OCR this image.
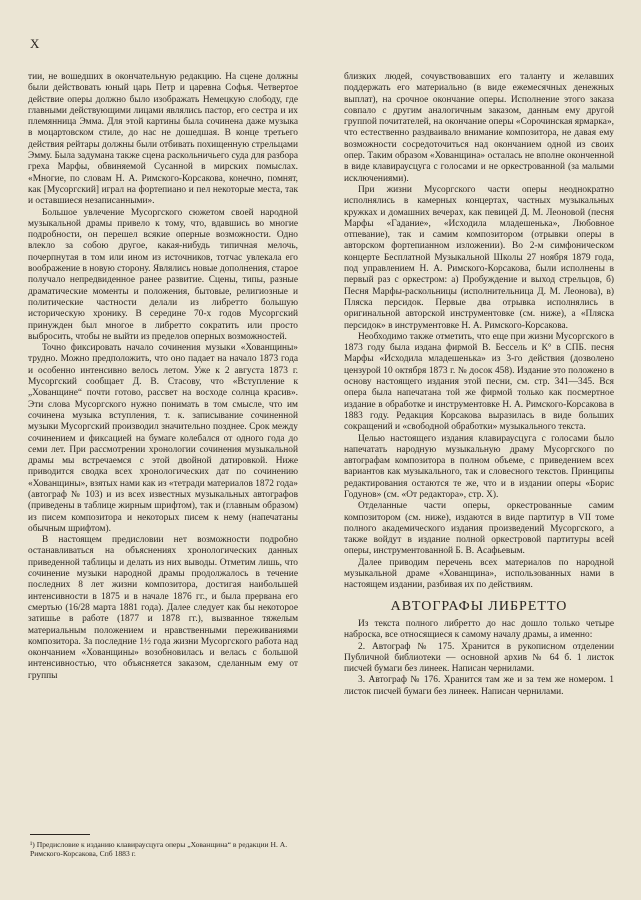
X

тии, не вошедших в окончательную редакцию. На сцене должны были действовать юный царь Петр и царевна Софья. Четвертое действие оперы должно было изображать Немецкую слободу, где главными действующими лицами являлись пастор, его сестра и их племянница Эмма. Для этой картины была сочинена даже музыка в моцартовском стиле, до нас не дошедшая. В конце третьего действия рейтары должны были отбивать похищенную стрельцами Эмму. Была задумана также сцена раскольничьего суда для разбора греха Марфы, обвиняемой Сусанной в мирских помыслах. «Многие, по словам Н. А. Римского-Корсакова, конечно, помнят, как [Мусоргский] играл на фортепиано и пел некоторые места, так и оставшиеся незаписанными».

Большое увлечение Мусоргского сюжетом своей народной музыкальной драмы привело к тому, что, вдавшись во многие подробности, он перешел всякие оперные возможности. Одно влекло за собою другое, какая-нибудь типичная мелочь, почерпнутая в том или ином из источников, тотчас увлекала его воображение в новую сторону. Являлись новые дополнения, старое получало непредвиденное ранее развитие. Сцены, типы, разные драматические моменты и положения, бытовые, религиозные и политические частности делали из либретто большую историческую хронику. В середине 70-х годов Мусоргский принужден был многое в либретто сократить или просто выбросить, чтобы не выйти из пределов оперных возможностей.

Точно фиксировать начало сочинения музыки «Хованщины» трудно. Можно предположить, что оно падает на начало 1873 года и особенно интенсивно велось летом. Уже к 2 августа 1873 г. Мусоргский сообщает Д. В. Стасову, что «Вступление к „Хованщине“ почти готово, рассвет на восходе солнца красив». Эти слова Мусоргского нужно понимать в том смысле, что им сочинена музыка вступления, т. к. записывание сочиненной музыки Мусоргский производил значительно позднее. Срок между сочинением и фиксацией на бумаге колебался от одного года до семи лет. При рассмотрении хронологии сочинения музыкальной драмы мы встречаемся с этой двойной датировкой. Ниже приводится сводка всех хронологических дат по сочинению «Хованщины», взятых нами как из «тетради материалов 1872 года» (автограф № 103) и из всех известных музыкальных автографов (приведены в таблице жирным шрифтом), так и (главным образом) из писем композитора и некоторых писем к нему (напечатаны обычным шрифтом).

В настоящем предисловии нет возможности подробно останавливаться на объяснениях хронологических данных приведенной таблицы и делать из них выводы. Отметим лишь, что сочинение музыки народной драмы продолжалось в течение последних 8 лет жизни композитора, достигая наибольшей интенсивности в 1875 и в начале 1876 гг., и была прервана его смертью (16/28 марта 1881 года). Далее следует как бы некоторое затишье в работе (1877 и 1878 гг.), вызванное тяжелым материальным положением и нравственными переживаниями композитора. За последние 1½ года жизни Мусоргского работа над окончанием «Хованщины» возобновилась и велась с большой интенсивностью, что объясняется заказом, сделанным ему от группы

близких людей, сочувствовавших его таланту и желавших поддержать его материально (в виде ежемесячных денежных выплат), на срочное окончание оперы. Исполнение этого заказа совпало с другим аналогичным заказом, данным ему другой группой почитателей, на окончание оперы «Сорочинская ярмарка», что естественно раздваивало внимание композитора, не давая ему возможности сосредоточиться над окончанием одной из своих опер. Таким образом «Хованщина» осталась не вполне оконченной в виде клавираусцуга с голосами и не оркестрованной (за малыми исключениями).

При жизни Мусоргского части оперы неоднократно исполнялись в камерных концертах, частных музыкальных кружках и домашних вечерах, как певицей Д. М. Леоновой (песня Марфы «Гадание», «Исходила младешенька», Любовное отпевание), так и самим композитором (отрывки оперы в авторском фортепианном изложении). Во 2-м симфоническом концерте Бесплатной Музыкальной Школы 27 ноября 1879 года, под управлением Н. А. Римского-Корсакова, были исполнены в первый раз с оркестром: а) Пробуждение и выход стрельцов, б) Песня Марфы-раскольницы (исполнительница Д. М. Леонова), в) Пляска персидок. Первые два отрывка исполнялись в оригинальной авторской инструментовке (см. ниже), а «Пляска персидок» в инструментовке Н. А. Римского-Корсакова.

Необходимо также отметить, что еще при жизни Мусоргского в 1873 году была издана фирмой В. Бессель и К° в СПБ. песня Марфы «Исходила младешенька» из 3-го действия (дозволено цензурой 10 октября 1873 г. № досок 458). Издание это положено в основу настоящего издания этой песни, см. стр. 341—345. Вся опера была напечатана той же фирмой только как посмертное издание в обработке и инструментовке Н. А. Римского-Корсакова в 1883 году. Редакция Корсакова выразилась в виде больших сокращений и «свободной обработки» музыкального текста.

Целью настоящего издания клавираусцуга с голосами было напечатать народную музыкальную драму Мусоргского по автографам композитора в полном объеме, с приведением всех вариантов как музыкального, так и словесного текстов. Принципы редактирования остаются те же, что и в издании оперы «Борис Годунов» (см. «От редактора», стр. X).

Отделанные части оперы, оркестрованные самим композитором (см. ниже), издаются в виде партитур в VII томе полного академического издания произведений Мусоргского, а также войдут в издание полной оркестровой партитуры всей оперы, инструментованной Б. В. Асафьевым.

Далее приводим перечень всех материалов по народной музыкальной драме «Хованщина», использованных нами в настоящем издании, разбивая их по действиям.

АВТОГРАФЫ ЛИБРЕТТО

Из текста полного либретто до нас дошло только четыре наброска, все относящиеся к самому началу драмы, а именно:

2. Автограф № 175. Хранится в рукописном отделении Публичной библиотеки — основной архив № 64 б. 1 листок писчей бумаги без линеек. Написан чернилами.

3. Автограф № 176. Хранится там же и за тем же номером. 1 листок писчей бумаги без линеек. Написан чернилами.

¹) Предисловие к изданию клавираусцуга оперы „Хованщина“ в редакции Н. А. Римского-Корсакова, Спб 1883 г.
